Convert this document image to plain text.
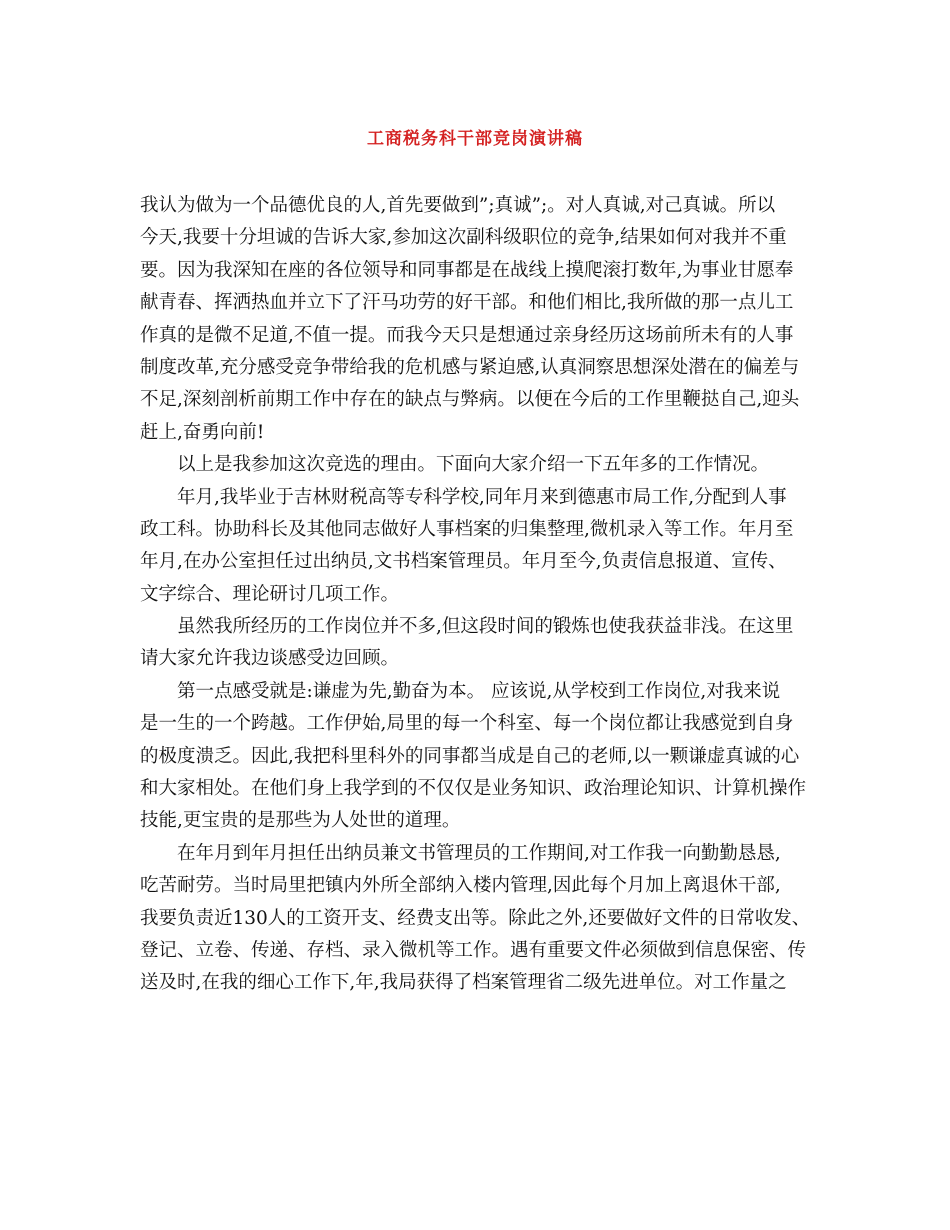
工商税务科干部竞岗演讲稿
我认为做为一个品德优良的人,首先要做到”;真诚”;。对人真诚,对己真诚。所以
今天,我要十分坦诚的告诉大家,参加这次副科级职位的竞争,结果如何对我并不重
要。因为我深知在座的各位领导和同事都是在战线上摸爬滚打数年,为事业甘愿奉
献青春、挥洒热血并立下了汗马功劳的好干部。和他们相比,我所做的那一点儿工
作真的是微不足道,不值一提。而我今天只是想通过亲身经历这场前所未有的人事
制度改革,充分感受竞争带给我的危机感与紧迫感,认真洞察思想深处潜在的偏差与
不足,深刻剖析前期工作中存在的缺点与弊病。以便在今后的工作里鞭挞自己,迎头
赶上,奋勇向前!
　　以上是我参加这次竞选的理由。下面向大家介绍一下五年多的工作情况。
　　年月,我毕业于吉林财税高等专科学校,同年月来到德惠市局工作,分配到人事
政工科。协助科长及其他同志做好人事档案的归集整理,微机录入等工作。年月至
年月,在办公室担任过出纳员,文书档案管理员。年月至今,负责信息报道、宣传、
文字综合、理论研讨几项工作。
　　虽然我所经历的工作岗位并不多,但这段时间的锻炼也使我获益非浅。在这里
请大家允许我边谈感受边回顾。
　　第一点感受就是:谦虚为先,勤奋为本。 应该说,从学校到工作岗位,对我来说
是一生的一个跨越。工作伊始,局里的每一个科室、每一个岗位都让我感觉到自身
的极度溃乏。因此,我把科里科外的同事都当成是自己的老师,以一颗谦虚真诚的心
和大家相处。在他们身上我学到的不仅仅是业务知识、政治理论知识、计算机操作
技能,更宝贵的是那些为人处世的道理。
　　在年月到年月担任出纳员兼文书管理员的工作期间,对工作我一向勤勤恳恳,
吃苦耐劳。当时局里把镇内外所全部纳入楼内管理,因此每个月加上离退休干部,
我要负责近130人的工资开支、经费支出等。除此之外,还要做好文件的日常收发、
登记、立卷、传递、存档、录入微机等工作。遇有重要文件必须做到信息保密、传
送及时,在我的细心工作下,年,我局获得了档案管理省二级先进单位。对工作量之
